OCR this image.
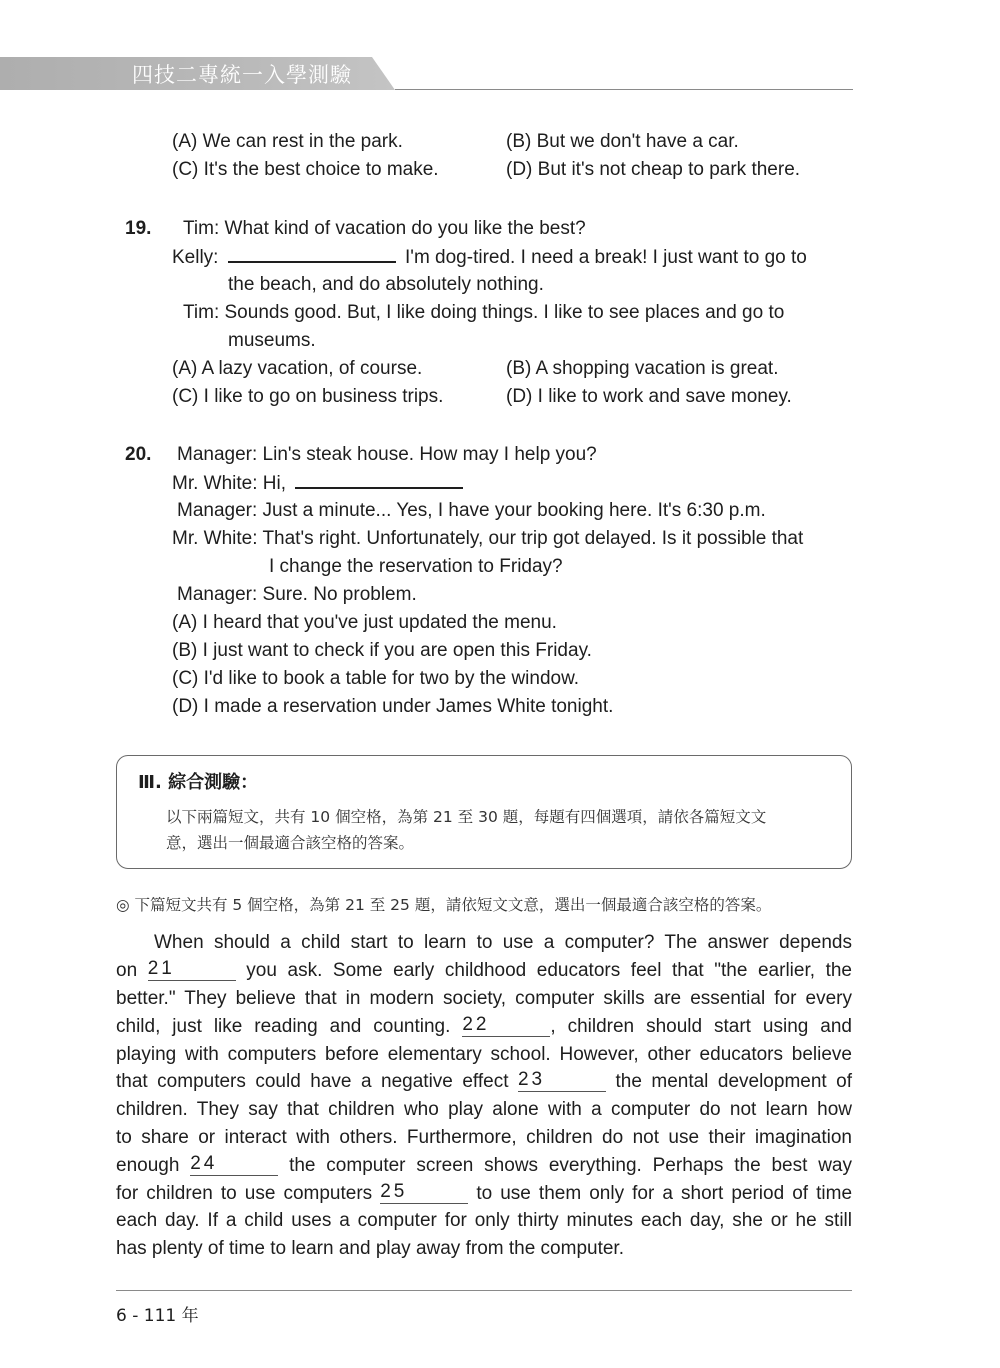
四技二專統一入學測驗
(A) We can rest in the park.	(B) But we don't have a car.
(C) It's the best choice to make.	(D) But it's not cheap to park there.
19. Tim: What kind of vacation do you like the best?
Kelly:	I'm dog-tired. I need a break! I just want to go to
the beach, and do absolutely nothing.
Tim: Sounds good. But, I like doing things. I like to see places and go to
museums.
(A) A lazy vacation, of course.	(B) A shopping vacation is great.
(C) I like to go on business trips.	(D) I like to work and save money.
20. Manager: Lin's steak house. How may I help you?
Mr. White: Hi,
Manager: Just a minute... Yes, I have your booking here. It's 6:30 p.m.
Mr. White: That's right. Unfortunately, our trip got delayed. Is it possible that
I change the reservation to Friday?
Manager: Sure. No problem.
(A) I heard that you've just updated the menu.
(B) I just want to check if you are open this Friday.
(C) I'd like to book a table for two by the window.
(D) I made a reservation under James White tonight.
Ⅲ. 綜合測驗：
以下兩篇短文，共有 10 個空格，為第 21 至 30 題，每題有四個選項，請依各篇短文文
意，選出一個最適合該空格的答案。
◎ 下篇短文共有 5 個空格，為第 21 至 25 題，請依短文文意，選出一個最適合該空格的答案。
When should a child start to learn to use a computer? The answer depends
on 21	you ask. Some early childhood educators feel that "the earlier, the
better." They believe that in modern society, computer skills are essential for every
child, just like reading and counting. 22	, children should start using and
playing with computers before elementary school. However, other educators believe
that computers could have a negative effect 23	the mental development of
children. They say that children who play alone with a computer do not learn how
to share or interact with others. Furthermore, children do not use their imagination
enough 24	the computer screen shows everything. Perhaps the best way
for children to use computers 25	to use them only for a short period of time
each day. If a child uses a computer for only thirty minutes each day, she or he still
has plenty of time to learn and play away from the computer.
6 - 111 年
